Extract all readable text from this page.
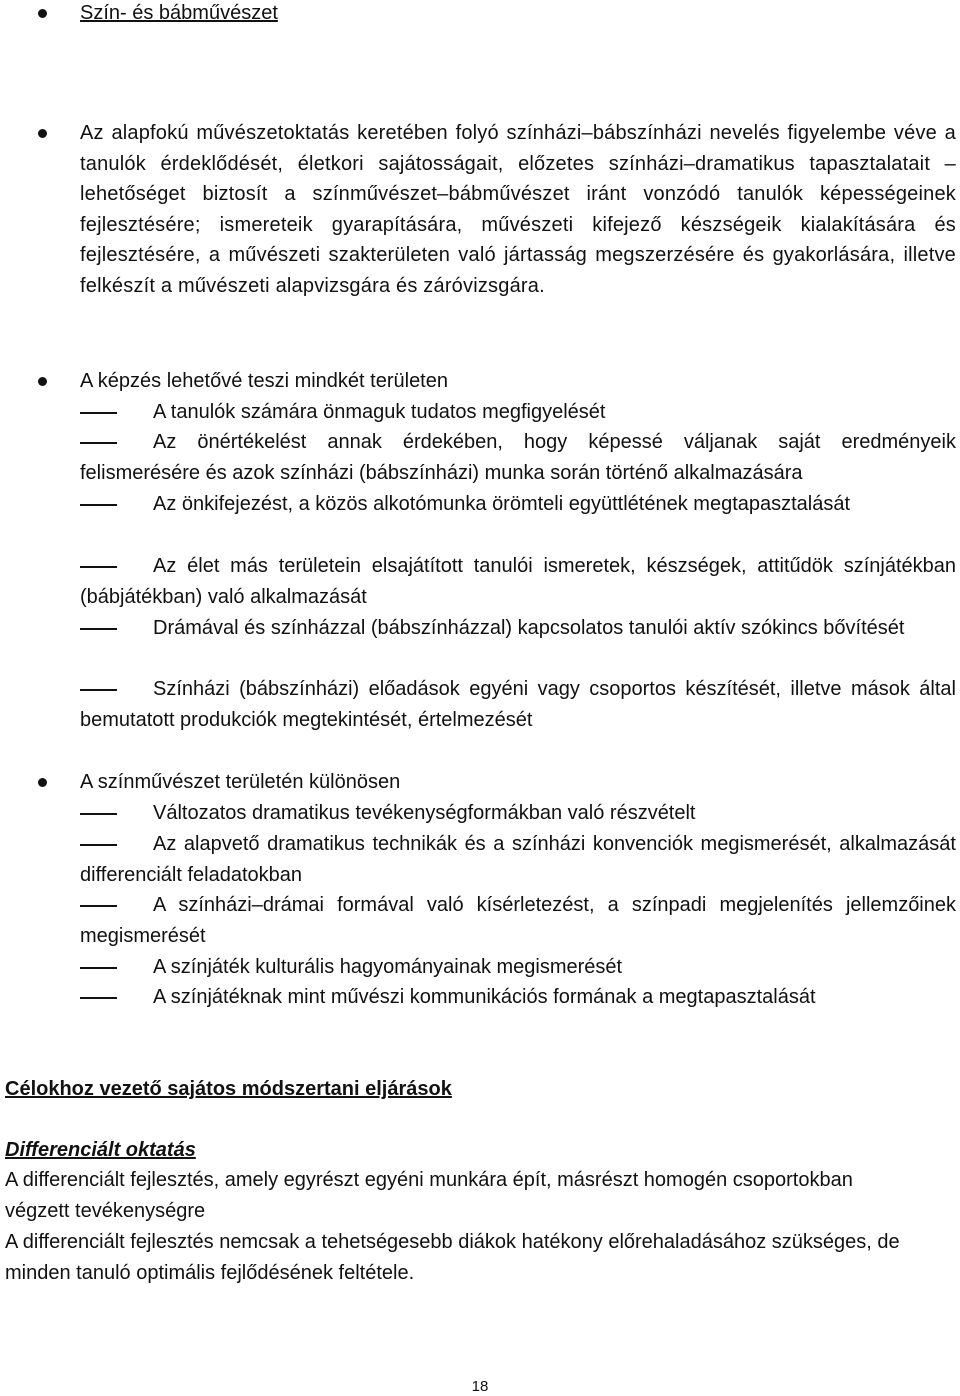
Szín- és bábművészet
Az alapfokú művészetoktatás keretében folyó színházi–bábszínházi nevelés figyelembe véve a tanulók érdeklődését, életkori sajátosságait, előzetes színházi–dramatikus tapasztalatait – lehetőséget biztosít a színművészet–bábművészet iránt vonzódó tanulók képességeinek fejlesztésére; ismereteik gyarapítására, művészeti kifejező készségeik kialakítására és fejlesztésére, a művészeti szakterületen való jártasság megszerzésére és gyakorlására, illetve felkészít a művészeti alapvizsgára és záróvizsgára.
A képzés lehetővé teszi mindkét területen
A tanulók számára önmaguk tudatos megfigyelését
Az önértékelést annak érdekében, hogy képessé váljanak saját eredményeik felismerésére és azok színházi (bábszínházi) munka során történő alkalmazására
Az önkifejezést, a közös alkotómunka örömteli együttlétének megtapasztalását
Az élet más területein elsajátított tanulói ismeretek, készségek, attitűdök színjátékban (bábjátékban) való alkalmazását
Drámával és színházzal (bábszínházzal) kapcsolatos tanulói aktív szókincs bővítését
Színházi (bábszínházi) előadások egyéni vagy csoportos készítését, illetve mások által bemutatott produkciók megtekintését, értelmezését
A színművészet területén különösen
Változatos dramatikus tevékenységformákban való részvételt
Az alapvető dramatikus technikák és a színházi konvenciók megismerését, alkalmazását differenciált feladatokban
A színházi–drámai formával való kísérletezést, a színpadi megjelenítés jellemzőinek megismerését
A színjáték kulturális hagyományainak megismerését
A színjátéknak mint művészi kommunikációs formának a megtapasztalását
Célokhoz vezető sajátos módszertani eljárások
Differenciált oktatás
A differenciált fejlesztés, amely egyrészt egyéni munkára épít, másrészt homogén csoportokban végzett tevékenységre
A differenciált fejlesztés nemcsak a tehetségesebb diákok hatékony előrehaladásához szükséges, de minden tanuló optimális fejlődésének feltétele.
18
